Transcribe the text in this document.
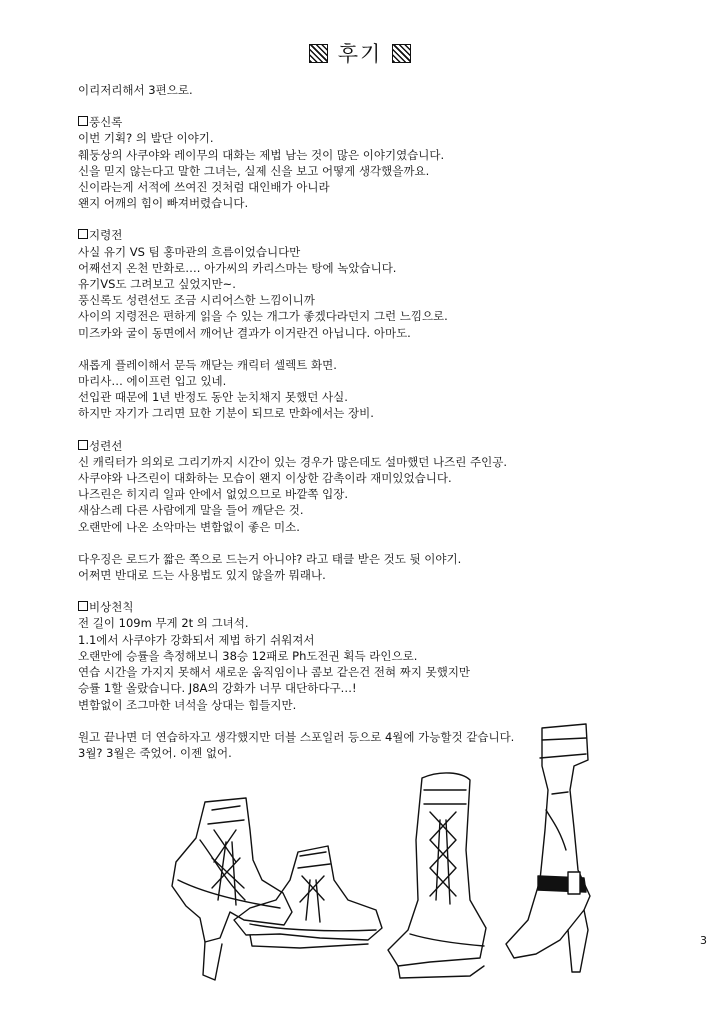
후기

이리저리해서 3편으로.

풍신록

이번 기획? 의 발단 이야기.

췌둥상의 사쿠야와 레이무의 대화는 제법 남는 것이 많은 이야기였습니다.

신을 믿지 않는다고 말한 그녀는, 실제 신을 보고 어떻게 생각했을까요.

신이라는게 서적에 쓰여진 것처럼 대인배가 아니라

왠지 어깨의 힘이 빠져버렸습니다.

지령전

사실 유기 VS 팀 홍마관의 흐름이었습니다만

어째선지 온천 만화로…. 아가씨의 카리스마는 탕에 녹았습니다.

유기VS도 그려보고 싶었지만~.

풍신록도 성련선도 조금 시리어스한 느낌이니까

사이의 지령전은 편하게 읽을 수 있는 개그가 좋겠다라던지 그런 느낌으로.

미즈카와 굴이 동면에서 깨어난 결과가 이거란건 아닙니다. 아마도.

새롭게 플레이해서 문득 깨닫는 캐릭터 셀렉트 화면.

마리사… 에이프런 입고 있네.

선입관 때문에 1년 반정도 동안 눈치채지 못했던 사실.

하지만 자기가 그리면 묘한 기분이 되므로 만화에서는 장비.

성련선

신 캐릭터가 의외로 그리기까지 시간이 있는 경우가 많은데도 설마했던 나즈린 주인공.

사쿠야와 나즈린이 대화하는 모습이 왠지 이상한 감촉이라 재미있었습니다.

나즈린은 히지리 일파 안에서 없었으므로 바깥쪽 입장.

새삼스레 다른 사람에게 말을 들어 깨닫은 것.

오랜만에 나온 소악마는 변함없이 좋은 미소.

다우징은 로드가 짧은 쪽으로 드는거 아니야? 라고 태클 받은 것도 뒷 이야기.

어쩌면 반대로 드는 사용법도 있지 않을까 뭐래나.

비상천칙

전 길이 109m 무게 2t 의 그녀석.

1.1에서 사쿠야가 강화되서 제법 하기 쉬워져서

오랜만에 승률을 측정해보니 38승 12패로 Ph도전권 획득 라인으로.

연습 시간을 가지지 못해서 새로운 움직임이나 콤보 같은건 전혀 짜지 못했지만

승률 1할 올랐습니다. J8A의 강화가 너무 대단하다구…!

변함없이 조그마한 녀석을 상대는 힘들지만.

원고 끝나면 더 연습하자고 생각했지만 더블 스포일러 등으로 4월에 가능할것 같습니다.

3월? 3월은 죽었어. 이젠 없어.

3
